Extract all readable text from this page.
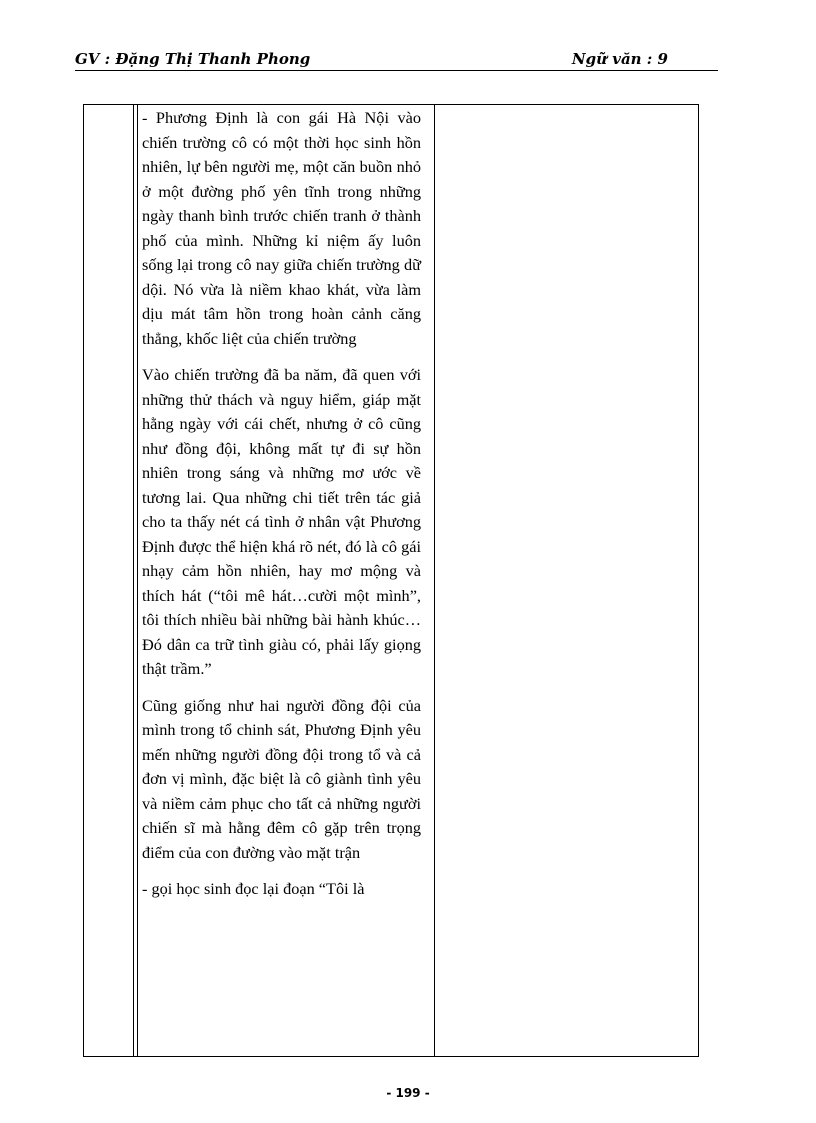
GV : Đặng Thị Thanh Phong	Ngữ văn : 9

- Phương Định là con gái Hà Nội vào chiến trường cô có một thời học sinh hồn nhiên, lự bên người mẹ, một căn buồn nhỏ ở một đường phố yên tĩnh trong những ngày thanh bình trước chiến tranh ở thành phố của mình. Những kỉ niệm ấy luôn sống lại trong cô nay giữa chiến trường dữ dội. Nó vừa là niềm khao khát, vừa làm dịu mát tâm hồn trong hoàn cảnh căng thẳng, khốc liệt của chiến trường

Vào chiến trường đã ba năm, đã quen với những thử thách và nguy hiểm, giáp mặt hằng ngày với cái chết, nhưng ở cô cũng như đồng đội, không mất tự đi sự hồn nhiên trong sáng và những mơ ước về tương lai. Qua những chi tiết trên tác giả cho ta thấy nét cá tình ở nhân vật Phương Định được thể hiện khá rõ nét, đó là cô gái nhạy cảm hồn nhiên, hay mơ mộng và thích hát (“tôi mê hát…cười một mình”, tôi thích nhiều bài những bài hành khúc…Đó dân ca trữ tình giàu có, phải lấy giọng thật trầm.”

Cũng giống như hai người đồng đội của mình trong tổ chinh sát, Phương Định yêu mến những người đồng đội trong tổ và cả đơn vị mình, đặc biệt là cô giành tình yêu và niềm cảm phục cho tất cả những người chiến sĩ mà hằng đêm cô gặp trên trọng điểm của con đường vào mặt trận

- gọi học sinh đọc lại đoạn “Tôi là

- 199 -
